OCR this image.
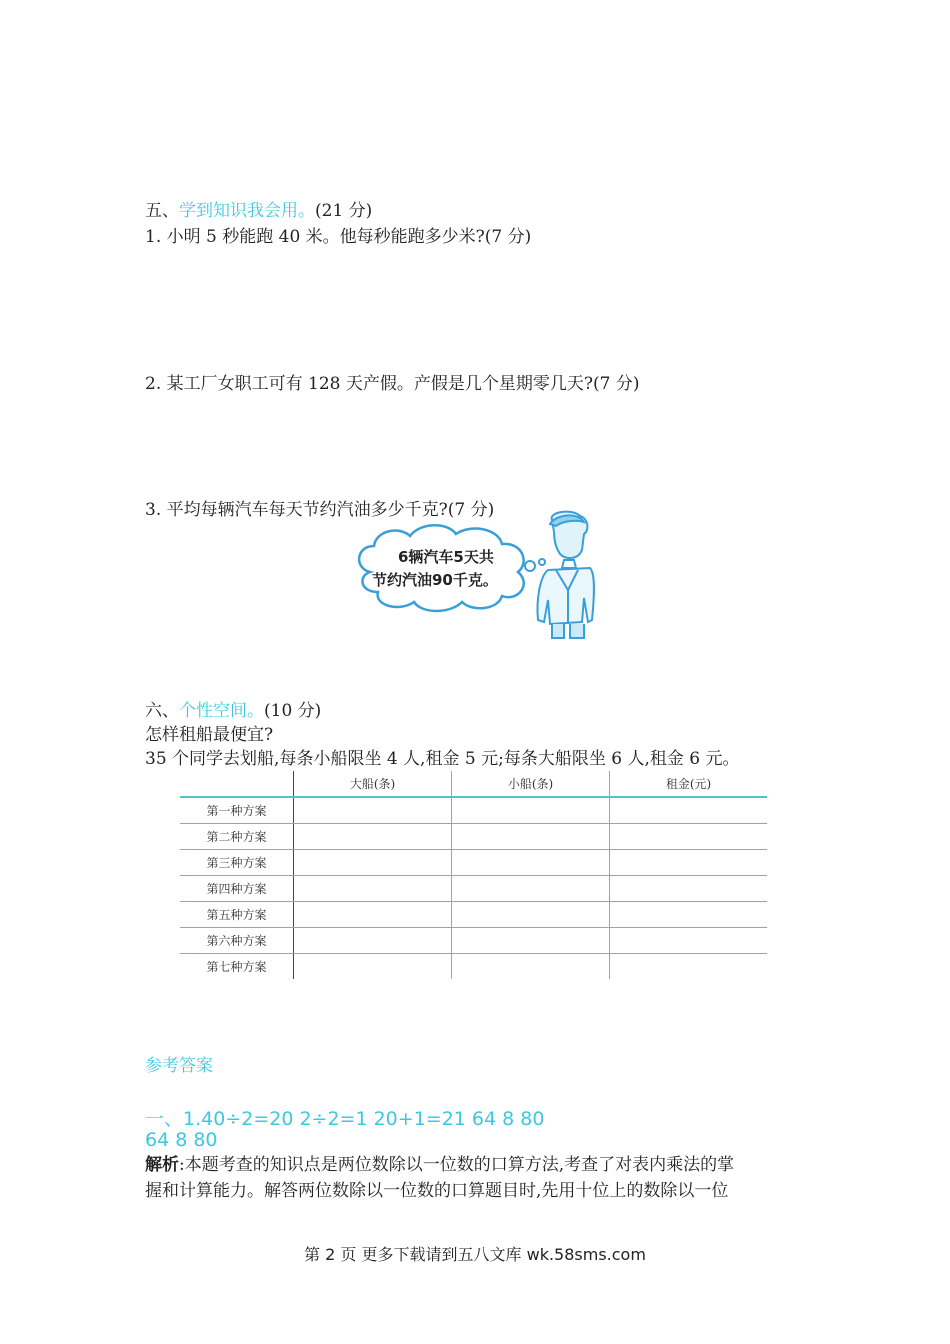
五、学到知识我会用。(21 分)
1. 小明 5 秒能跑 40 米。他每秒能跑多少米?(7 分)
2. 某工厂女职工可有 128 天产假。产假是几个星期零几天?(7 分)
3. 平均每辆汽车每天节约汽油多少千克?(7 分)
6辆汽车5天共
节约汽油90千克。
六、个性空间。(10 分)
怎样租船最便宜?
35 个同学去划船,每条小船限坐 4 人,租金 5 元;每条大船限坐 6 人,租金 6 元。
	大船(条)	小船(条)	租金(元)
第一种方案			
第二种方案			
第三种方案			
第四种方案			
第五种方案			
第六种方案			
第七种方案			
参考答案
一、1.40÷2=20 2÷2=1 20+1=21 64 8 80
64 8 80
解析:本题考查的知识点是两位数除以一位数的口算方法,考查了对表内乘法的掌
握和计算能力。解答两位数除以一位数的口算题目时,先用十位上的数除以一位
第 2 页 更多下载请到五八文库 wk.58sms.com
